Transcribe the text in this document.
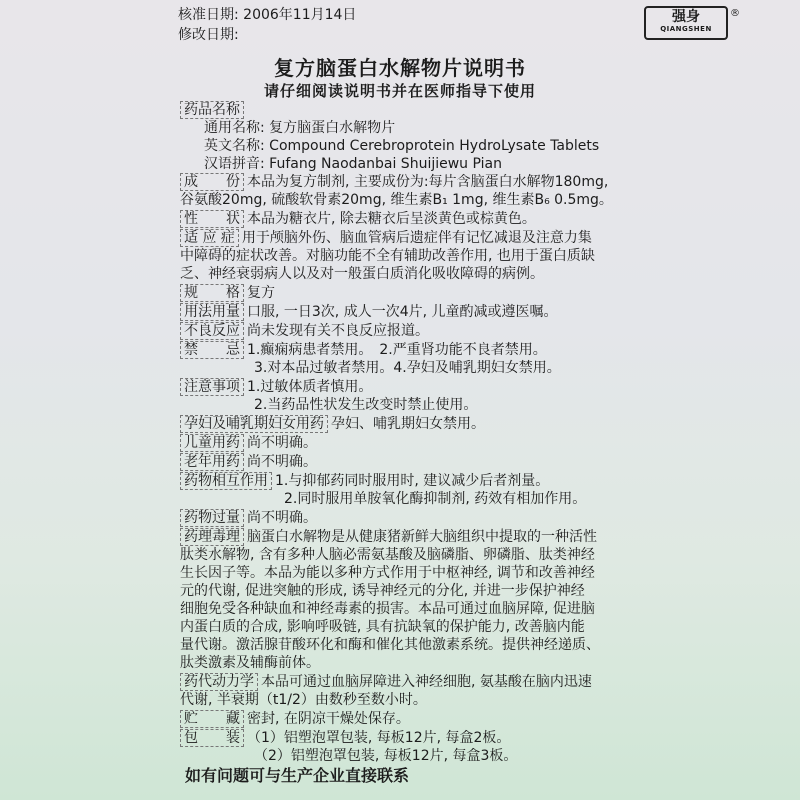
核准日期: 2006年11月14日
修改日期:
强身
QIANGSHEN
®
复方脑蛋白水解物片说明书
请仔细阅读说明书并在医师指导下使用
药品名称
通用名称: 复方脑蛋白水解物片
英文名称: Compound Cerebroprotein HydroLysate Tablets
汉语拼音: Fufang Naodanbai Shuijiewu Pian
成　　份 本品为复方制剂, 主要成份为:每片含脑蛋白水解物180mg,
谷氨酸20mg, 硫酸软骨素20mg, 维生素B₁ 1mg, 维生素B₆ 0.5mg。
性　　状 本品为糖衣片, 除去糖衣后呈淡黄色或棕黄色。
适 应 症 用于颅脑外伤、脑血管病后遗症伴有记忆减退及注意力集
中障碍的症状改善。对脑功能不全有辅助改善作用, 也用于蛋白质缺
乏、神经衰弱病人以及对一般蛋白质消化吸收障碍的病例。
规　　格 复方
用法用量 口服, 一日3次, 成人一次4片, 儿童酌减或遵医嘱。
不良反应 尚未发现有关不良反应报道。
禁　　忌 1.癫痫病患者禁用。　2.严重肾功能不良者禁用。
3.对本品过敏者禁用。4.孕妇及哺乳期妇女禁用。
注意事项 1.过敏体质者慎用。
2.当药品性状发生改变时禁止使用。
孕妇及哺乳期妇女用药 孕妇、哺乳期妇女禁用。
儿童用药 尚不明确。
老年用药 尚不明确。
药物相互作用 1.与抑郁药同时服用时, 建议减少后者剂量。
2.同时服用单胺氧化酶抑制剂, 药效有相加作用。
药物过量 尚不明确。
药理毒理 脑蛋白水解物是从健康猪新鲜大脑组织中提取的一种活性
肽类水解物, 含有多种人脑必需氨基酸及脑磷脂、卵磷脂、肽类神经
生长因子等。本品为能以多种方式作用于中枢神经, 调节和改善神经
元的代谢, 促进突触的形成, 诱导神经元的分化, 并进一步保护神经
细胞免受各种缺血和神经毒素的损害。本品可通过血脑屏障, 促进脑
内蛋白质的合成, 影响呼吸链, 具有抗缺氧的保护能力, 改善脑内能
量代谢。激活腺苷酸环化和酶和催化其他激素系统。提供神经递质、
肽类激素及辅酶前体。
药代动力学 本品可通过血脑屏障进入神经细胞, 氨基酸在脑内迅速
代谢, 半衰期（t1/2）由数秒至数小时。
贮　　藏 密封, 在阴凉干燥处保存。
包　　装 （1）铝塑泡罩包装, 每板12片, 每盒2板。
（2）铝塑泡罩包装, 每板12片, 每盒3板。
如有问题可与生产企业直接联系
